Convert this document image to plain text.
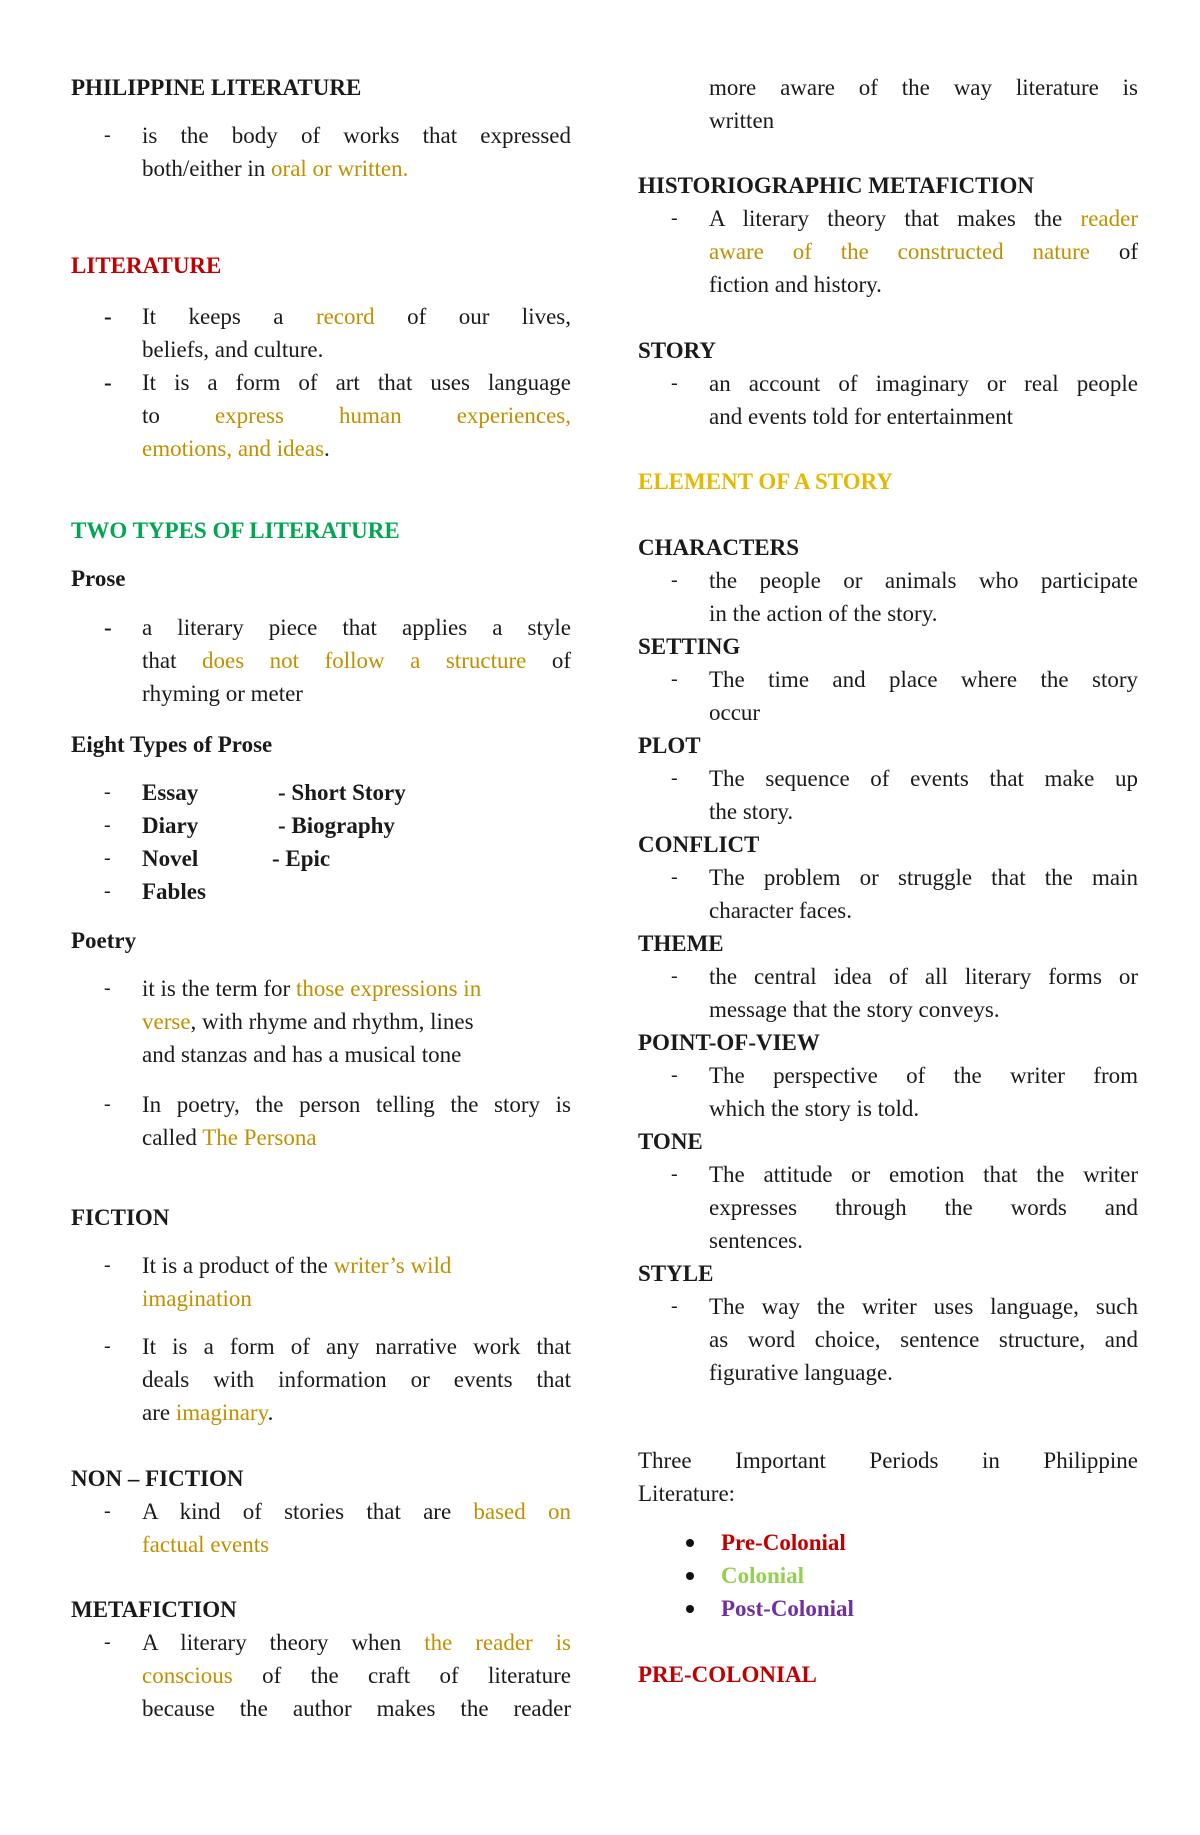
PHILIPPINE LITERATURE
- is the body of works that expressed
both/either in oral or written.
LITERATURE
- It keeps a record of our lives,
beliefs, and culture.
- It is a form of art that uses language
to express human experiences,
emotions, and ideas.
TWO TYPES OF LITERATURE
Prose
- a literary piece that applies a style
that does not follow a structure of
rhyming or meter
Eight Types of Prose
- Essay
- Diary
- Novel
- Fables
- Short Story
- Biography
- Epic
Poetry
- it is the term for those expressions in
verse, with rhyme and rhythm, lines
and stanzas and has a musical tone
- In poetry, the person telling the story is
called The Persona
FICTION
- It is a product of the writer’s wild
imagination
- It is a form of any narrative work that
deals with information or events that
are imaginary.
NON – FICTION
- A kind of stories that are based on
factual events
METAFICTION
- A literary theory when the reader is
conscious of the craft of literature
because the author makes the reader
more aware of the way literature is
written
HISTORIOGRAPHIC METAFICTION
- A literary theory that makes the reader
aware of the constructed nature of
fiction and history.
STORY
- an account of imaginary or real people
and events told for entertainment
ELEMENT OF A STORY
CHARACTERS
- the people or animals who participate
in the action of the story.
SETTING
- The time and place where the story
occur
PLOT
- The sequence of events that make up
the story.
CONFLICT
- The problem or struggle that the main
character faces.
THEME
- the central idea of all literary forms or
message that the story conveys.
POINT-OF-VIEW
- The perspective of the writer from
which the story is told.
TONE
- The attitude or emotion that the writer
expresses through the words and
sentences.
STYLE
- The way the writer uses language, such
as word choice, sentence structure, and
figurative language.
Three Important Periods in Philippine
Literature:
Pre-Colonial
Colonial
Post-Colonial
PRE-COLONIAL
